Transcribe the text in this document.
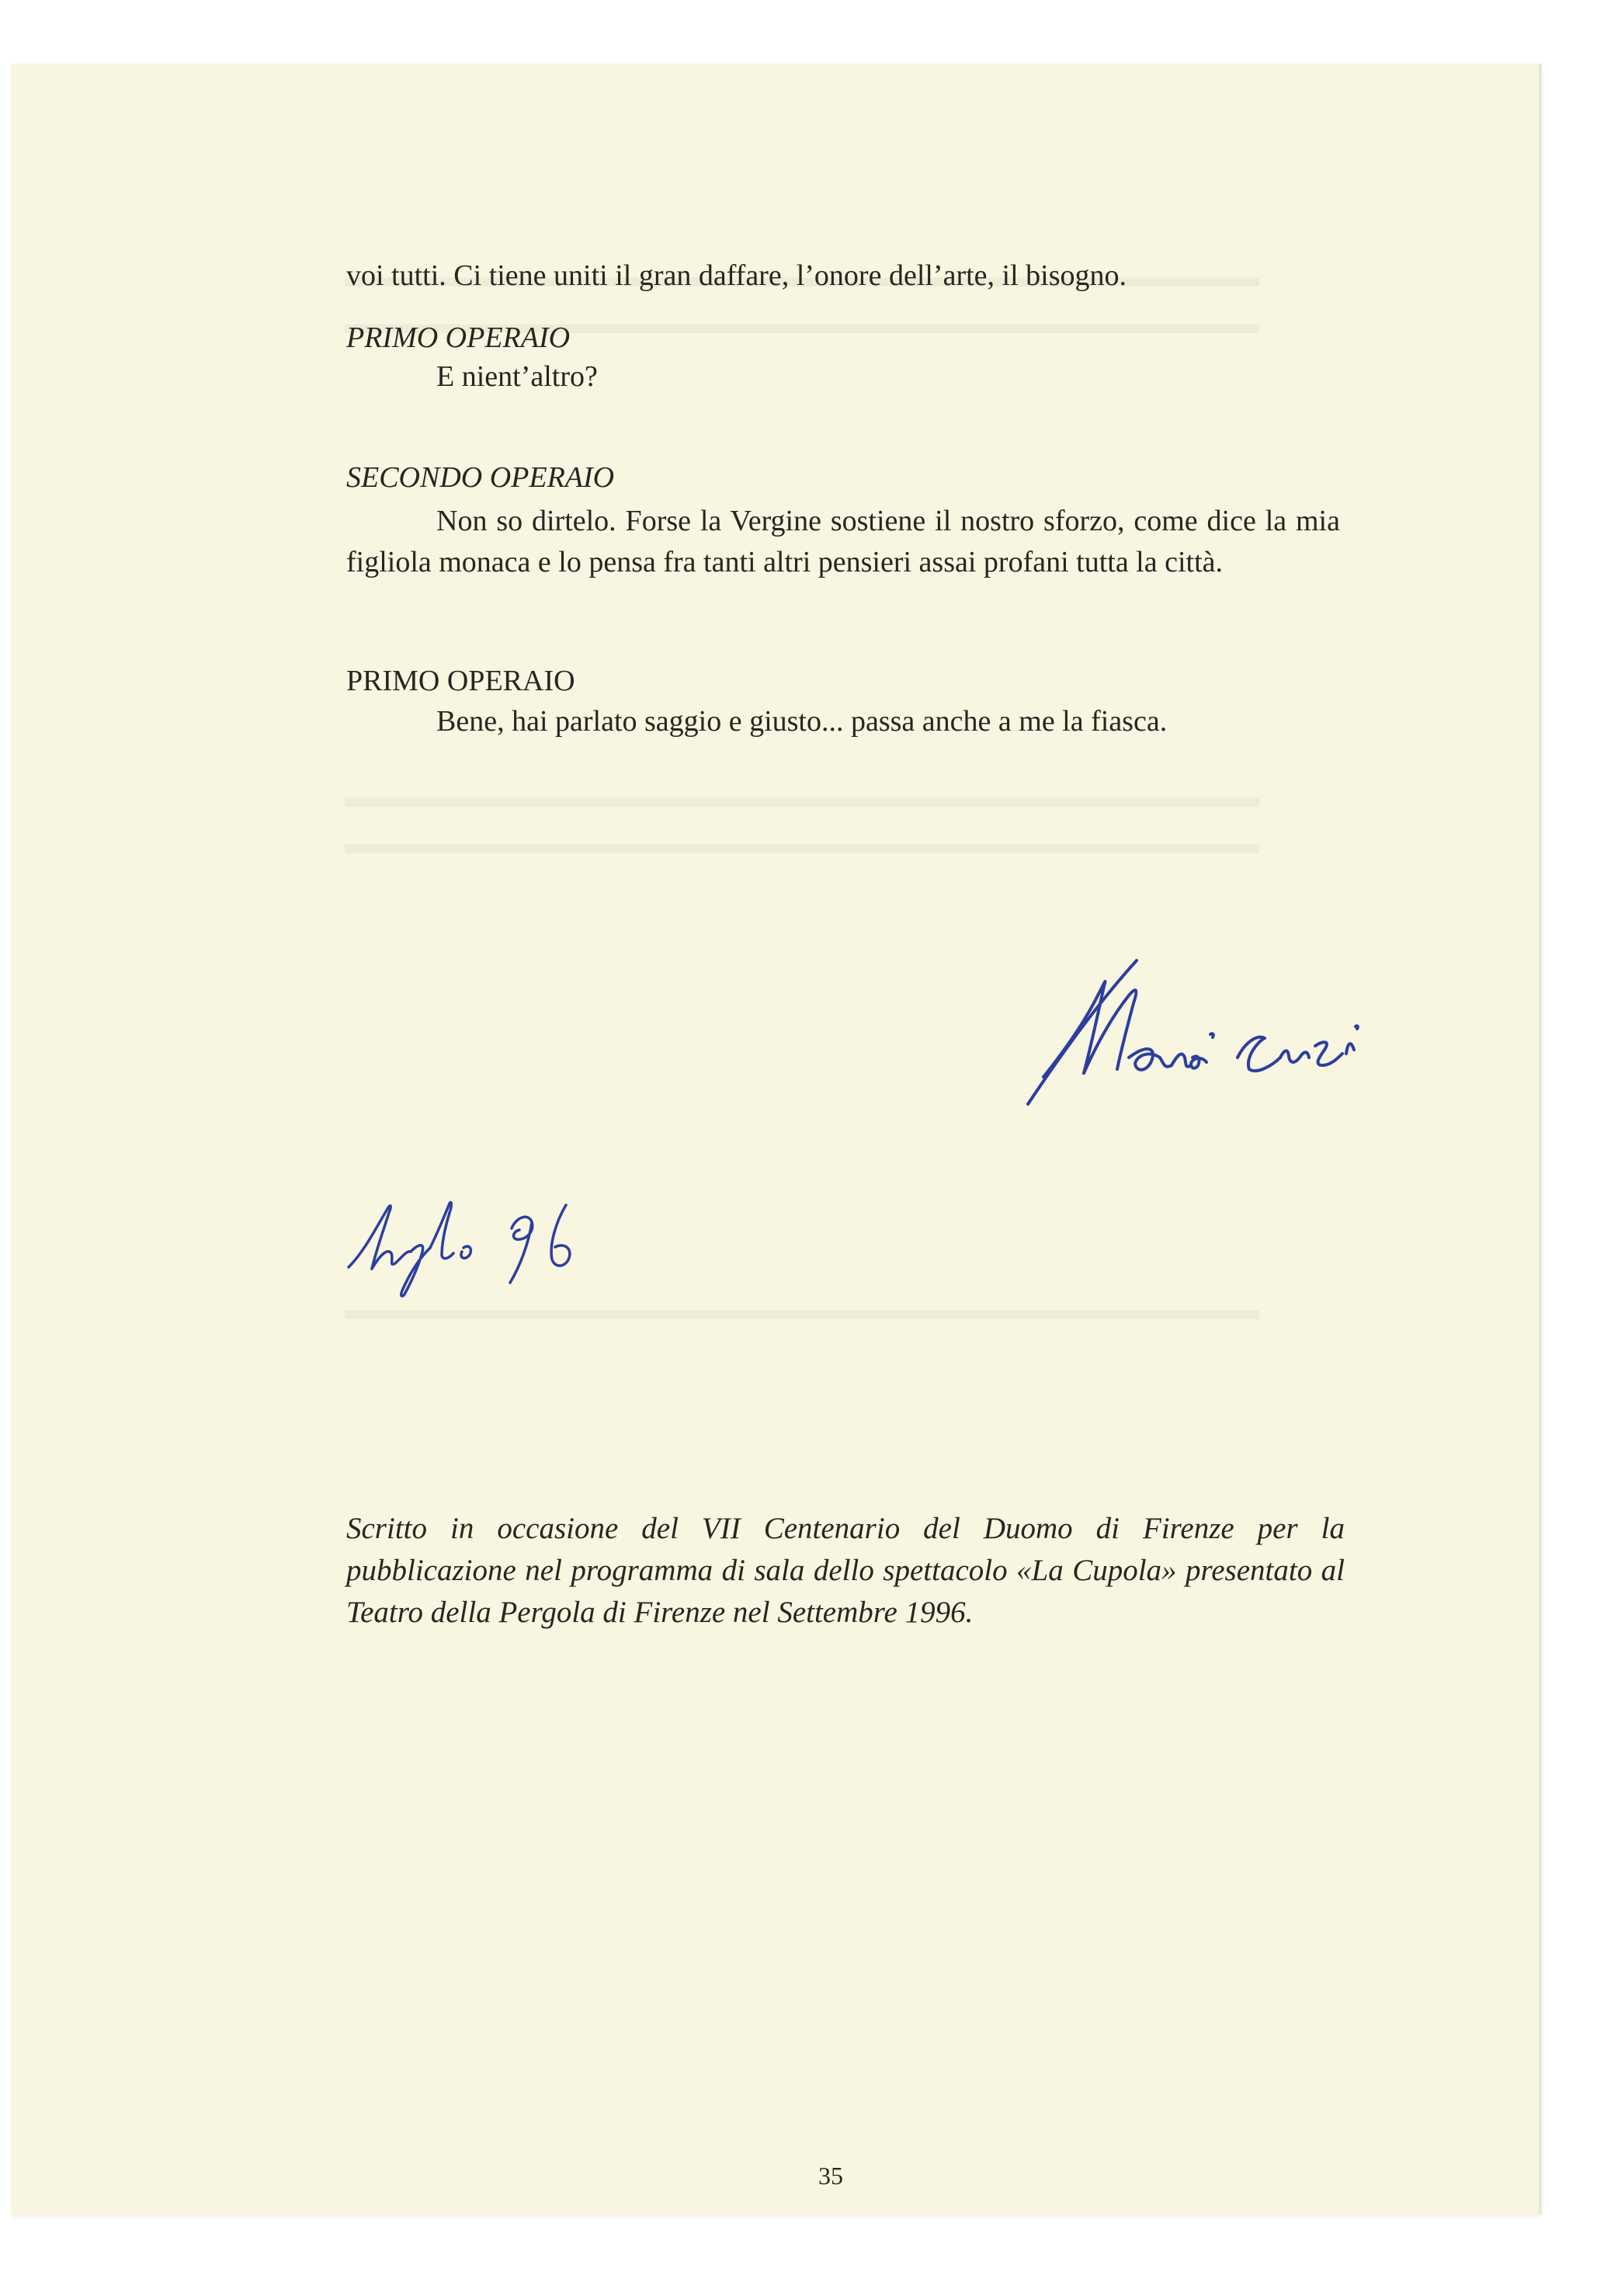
voi tutti. Ci tiene uniti il gran daffare, l’onore dell’arte, il bisogno.
PRIMO OPERAIO
E nient’altro?
SECONDO OPERAIO
Non so dirtelo. Forse la Vergine sostiene il nostro sforzo, come dice la mia figliola monaca e lo pensa fra tanti altri pensieri assai profani tutta la città.
PRIMO OPERAIO
Bene, hai parlato saggio e giusto... passa anche a me la fiasca.
Scritto in occasione del VII Centenario del Duomo di Firenze per la pubblicazione nel programma di sala dello spettacolo «La Cupola» presentato al Teatro della Pergola di Firenze nel Settembre 1996.
35
